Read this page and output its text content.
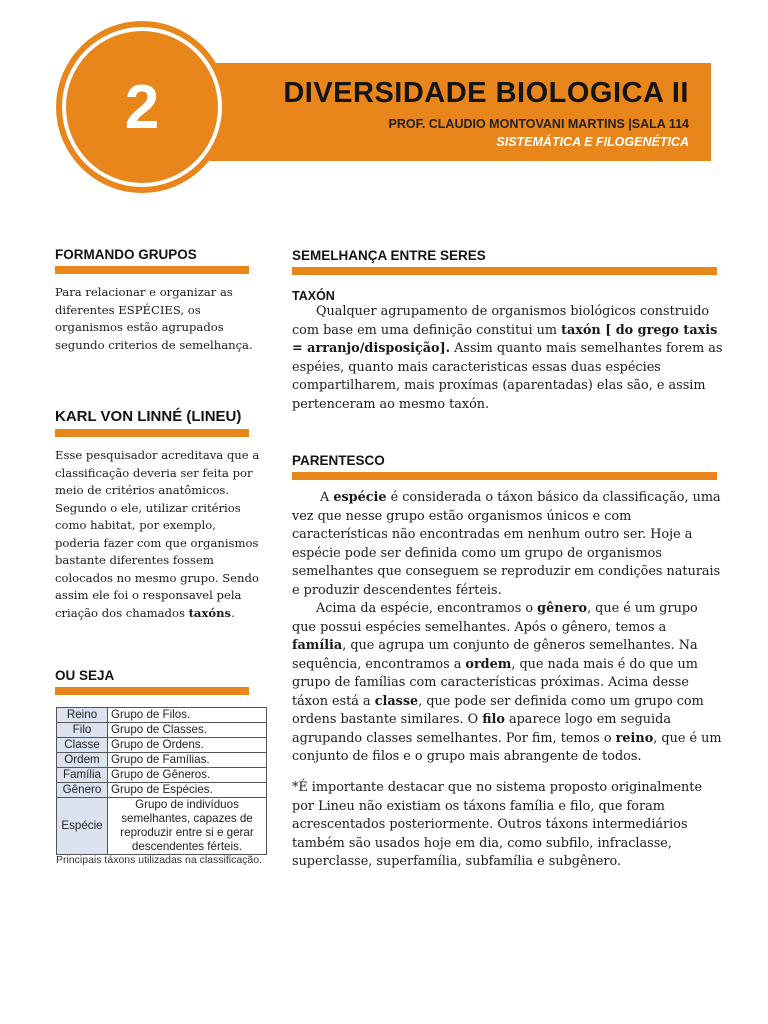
DIVERSIDADE BIOLOGICA II
PROF. CLAUDIO MONTOVANI MARTINS |SALA 114
SISTEMÁTICA E FILOGENÉTICA
2
FORMANDO GRUPOS
Para relacionar e organizar as diferentes ESPÉCIES, os organismos estão agrupados segundo criterios de semelhança.
KARL VON LINNÉ (LINEU)
Esse pesquisador acreditava que a classificação deveria ser feita por meio de critérios anatômicos. Segundo o ele, utilizar critérios como habitat, por exemplo, poderia fazer com que organismos bastante diferentes fossem colocados no mesmo grupo. Sendo assim ele foi o responsavel pela criação dos chamados taxóns.
OU SEJA
Reino	Grupo de Filos.
Filo	Grupo de Classes.
Classe	Grupo de Ordens.
Ordem	Grupo de Famílias.
Família	Grupo de Gêneros.
Gênero	Grupo de Espécies.
Espécie	Grupo de indivíduos semelhantes, capazes de reproduzir entre si e gerar descendentes férteis.
Principais táxons utilizadas na classificação.
SEMELHANÇA ENTRE SERES
TAXÓN

Qualquer agrupamento de organismos biológicos construido com base em uma definição constitui um taxón [ do grego taxis = arranjo/disposição]. Assim quanto mais semelhantes forem as espéies, quanto mais caracteristicas essas duas espécies compartilharem, mais proxímas (aparentadas) elas são, e assim pertenceram ao mesmo taxón.

PARENTESCO

A espécie é considerada o táxon básico da classificação, uma vez que nesse grupo estão organismos únicos e com características não encontradas em nenhum outro ser. Hoje a espécie pode ser definida como um grupo de organismos semelhantes que conseguem se reproduzir em condições naturais e produzir descendentes férteis.

Acima da espécie, encontramos o gênero, que é um grupo que possui espécies semelhantes. Após o gênero, temos a família, que agrupa um conjunto de gêneros semelhantes. Na sequência, encontramos a ordem, que nada mais é do que um grupo de famílias com características próximas. Acima desse táxon está a classe, que pode ser definida como um grupo com ordens bastante similares. O filo aparece logo em seguida agrupando classes semelhantes. Por fim, temos o reino, que é um conjunto de filos e o grupo mais abrangente de todos.

*É importante destacar que no sistema proposto originalmente por Lineu não existiam os táxons família e filo, que foram acrescentados posteriormente. Outros táxons intermediários também são usados hoje em dia, como subfilo, infraclasse, superclasse, superfamília, subfamília e subgênero.
